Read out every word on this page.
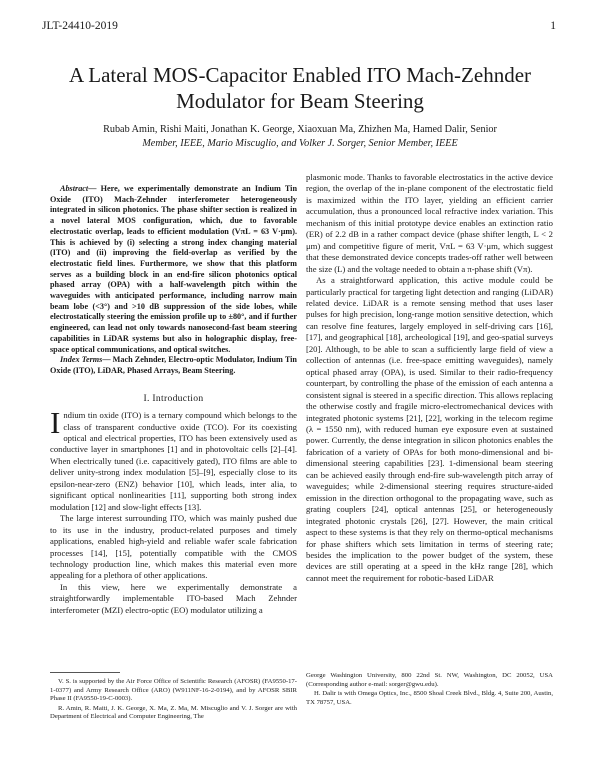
JLT-24410-2019	1
A Lateral MOS-Capacitor Enabled ITO Mach-Zehnder Modulator for Beam Steering
Rubab Amin, Rishi Maiti, Jonathan K. George, Xiaoxuan Ma, Zhizhen Ma, Hamed Dalir, Senior
Member, IEEE, Mario Miscuglio, and Volker J. Sorger, Senior Member, IEEE

Abstract— Here, we experimentally demonstrate an Indium Tin Oxide (ITO) Mach-Zehnder interferometer heterogeneously integrated in silicon photonics. The phase shifter section is realized in a novel lateral MOS configuration, which, due to favorable electrostatic overlap, leads to efficient modulation (VπL = 63 V·μm). This is achieved by (i) selecting a strong index changing material (ITO) and (ii) improving the field-overlap as verified by the electrostatic field lines. Furthermore, we show that this platform serves as a building block in an end-fire silicon photonics optical phased array (OPA) with a half-wavelength pitch within the waveguides with anticipated performance, including narrow main beam lobe (<3°) and >10 dB suppression of the side lobes, while electrostatically steering the emission profile up to ±80°, and if further engineered, can lead not only towards nanosecond-fast beam steering capabilities in LiDAR systems but also in holographic display, free-space optical communications, and optical switches.

Index Terms— Mach Zehnder, Electro-optic Modulator, Indium Tin Oxide (ITO), LiDAR, Phased Arrays, Beam Steering.

I. Introduction

Indium tin oxide (ITO) is a ternary compound which belongs to the class of transparent conductive oxide (TCO). For its coexisting optical and electrical properties, ITO has been extensively used as conductive layer in smartphones [1] and in photovoltaic cells [2]–[4]. When electrically tuned (i.e. capacitively gated), ITO films are able to deliver unity-strong index modulation [5]–[9], especially close to its epsilon-near-zero (ENZ) behavior [10], which leads, inter alia, to significant optical nonlinearities [11], supporting both strong index modulation [12] and slow-light effects [13].

The large interest surrounding ITO, which was mainly pushed due to its use in the industry, product-related purposes and timely applications, enabled high-yield and reliable wafer scale fabrication processes [14], [15], potentially compatible with the CMOS technology production line, which makes this material even more appealing for a plethora of other applications.

In this view, here we experimentally demonstrate a straightforwardly implementable ITO-based Mach Zehnder interferometer (MZI) electro-optic (EO) modulator utilizing a

plasmonic mode. Thanks to favorable electrostatics in the active device region, the overlap of the in-plane component of the electrostatic field is maximized within the ITO layer, yielding an efficient carrier accumulation, thus a pronounced local refractive index variation. This mechanism of this initial prototype device enables an extinction ratio (ER) of 2.2 dB in a rather compact device (phase shifter length, L < 2 μm) and competitive figure of merit, VπL = 63 V·μm, which suggest that these demonstrated device concepts trades-off rather well between the size (L) and the voltage needed to obtain a π-phase shift (Vπ).

As a straightforward application, this active module could be particularly practical for targeting light detection and ranging (LiDAR) related device. LiDAR is a remote sensing method that uses laser pulses for high precision, long-range motion sensitive detection, which can resolve fine features, largely employed in self-driving cars [16], [17], and geographical [18], archeological [19], and geo-spatial surveys [20]. Although, to be able to scan a sufficiently large field of view a collection of antennas (i.e. free-space emitting waveguides), namely optical phased array (OPA), is used. Similar to their radio-frequency counterpart, by controlling the phase of the emission of each antenna a consistent signal is steered in a specific direction. This allows replacing the otherwise costly and fragile micro-electromechanical devices with integrated photonic systems [21], [22], working in the telecom regime (λ = 1550 nm), with reduced human eye exposure even at sustained power. Currently, the dense integration in silicon photonics enables the fabrication of a variety of OPAs for both mono-dimensional and bi-dimensional steering capabilities [23]. 1-dimensional beam steering can be achieved easily through end-fire sub-wavelength pitch array of waveguides; while 2-dimensional steering requires structure-aided emission in the direction orthogonal to the propagating wave, such as grating couplers [24], optical antennas [25], or heterogeneously integrated photonic crystals [26], [27]. However, the main critical aspect to these systems is that they rely on thermo-optical mechanisms for phase shifters which sets limitation in terms of steering rate; besides the implication to the power budget of the system, these devices are still operating at a speed in the kHz range [28], which cannot meet the requirement for robotic-based LiDAR

V. S. is supported by the Air Force Office of Scientific Research (AFOSR) (FA9550-17-1-0377) and Army Research Office (ARO) (W911NF-16-2-0194), and by AFOSR SBIR Phase II (FA9550-19-C-0003).

R. Amin, R. Maiti, J. K. George, X. Ma, Z. Ma, M. Miscuglio and V. J. Sorger are with Department of Electrical and Computer Engineering, The

George Washington University, 800 22nd St. NW, Washington, DC 20052, USA (Corresponding author e-mail: sorger@gwu.edu).

H. Dalir is with Omega Optics, Inc., 8500 Shoal Creek Blvd., Bldg. 4, Suite 200, Austin, TX 78757, USA.
